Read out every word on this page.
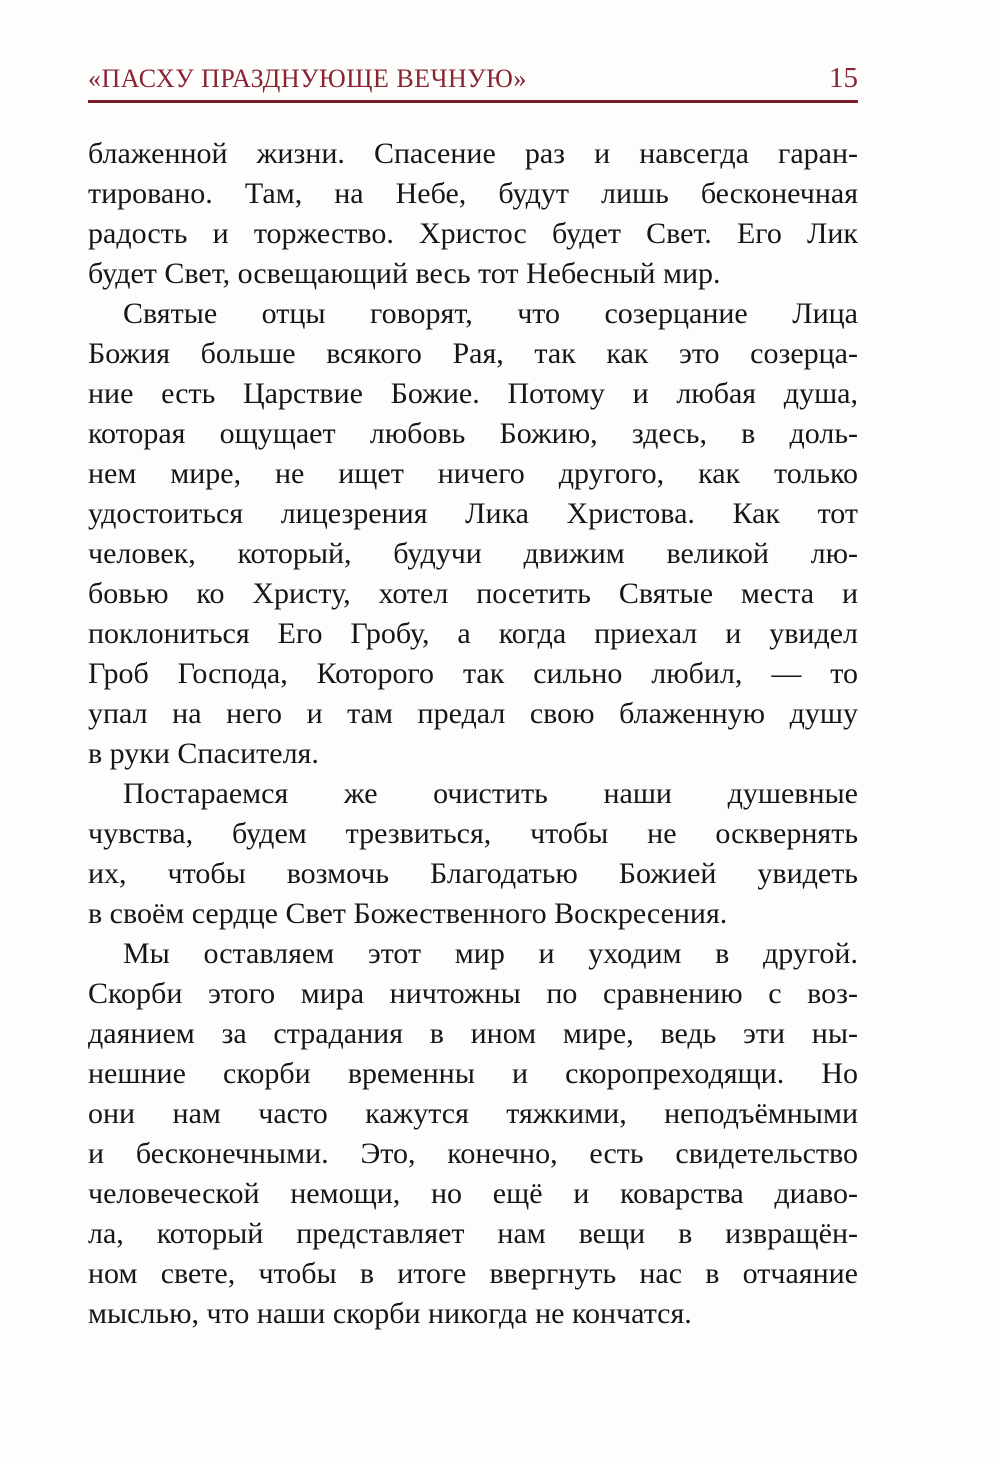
«ПАСХУ ПРАЗДНУЮЩЕ ВЕЧНУЮ»	15
блаженной жизни. Спасение раз и навсегда гаран-
тировано. Там, на Небе, будут лишь бесконечная
радость и торжество. Христос будет Свет. Его Лик
будет Свет, освещающий весь тот Небесный мир.
Святые отцы говорят, что созерцание Лица
Божия больше всякого Рая, так как это созерца-
ние есть Царствие Божие. Потому и любая душа,
которая ощущает любовь Божию, здесь, в доль-
нем мире, не ищет ничего другого, как только
удостоиться лицезрения Лика Христова. Как тот
человек, который, будучи движим великой лю-
бовью ко Христу, хотел посетить Святые места и
поклониться Его Гробу, а когда приехал и увидел
Гроб Господа, Которого так сильно любил, — то
упал на него и там предал свою блаженную душу
в руки Спасителя.
Постараемся же очистить наши душевные
чувства, будем трезвиться, чтобы не осквернять
их, чтобы возмочь Благодатью Божией увидеть
в своём сердце Свет Божественного Воскресения.
Мы оставляем этот мир и уходим в другой.
Скорби этого мира ничтожны по сравнению с воз-
даянием за страдания в ином мире, ведь эти ны-
нешние скорби временны и скоропреходящи. Но
они нам часто кажутся тяжкими, неподъёмными
и бесконечными. Это, конечно, есть свидетельство
человеческой немощи, но ещё и коварства диаво-
ла, который представляет нам вещи в извращён-
ном свете, чтобы в итоге ввергнуть нас в отчаяние
мыслью, что наши скорби никогда не кончатся.
